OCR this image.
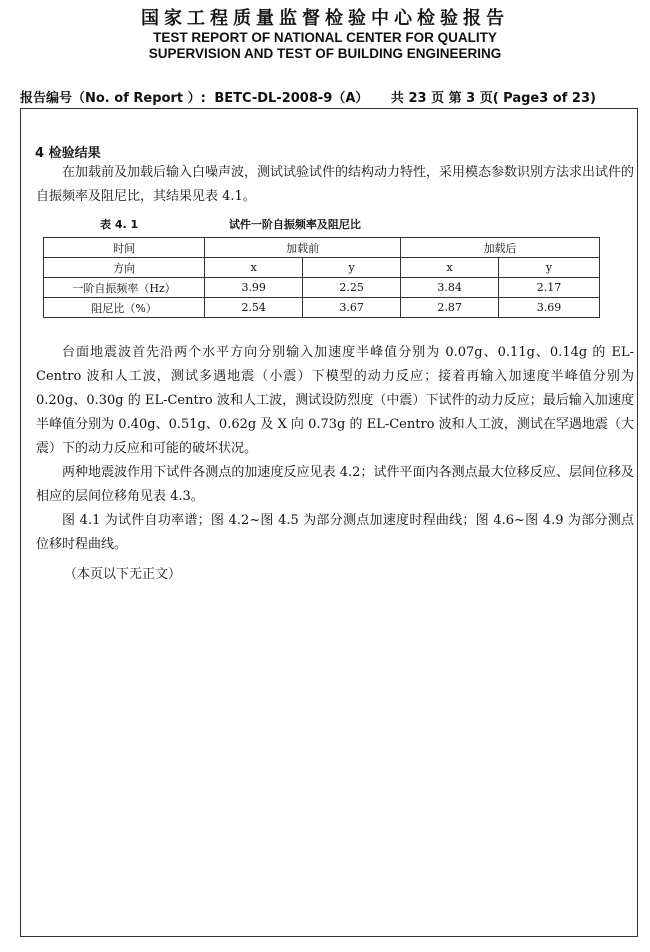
国家工程质量监督检验中心检验报告
TEST REPORT OF NATIONAL CENTER FOR QUALITY
SUPERVISION AND TEST OF BUILDING ENGINEERING
报告编号（No. of Report ）: BETC-DL-2008-9（A） 共 23 页 第 3 页( Page3 of 23)
4 检验结果
在加载前及加载后输入白噪声波，测试试验试件的结构动力特性，采用模态参数识别方法求出试件的自振频率及阻尼比，其结果见表 4.1。
表 4. 1	试件一阶自振频率及阻尼比
时间	加载前		加载后	
方向	x	y	x	y
一阶自振频率（Hz）	3.99	2.25	3.84	2.17
阻尼比（%）	2.54	3.67	2.87	3.69
台面地震波首先沿两个水平方向分别输入加速度半峰值分别为 0.07g、0.11g、0.14g 的 EL-Centro 波和人工波，测试多遇地震（小震）下模型的动力反应；接着再输入加速度半峰值分别为 0.20g、0.30g 的 EL-Centro 波和人工波，测试设防烈度（中震）下试件的动力反应；最后输入加速度半峰值分别为 0.40g、0.51g、0.62g 及 X 向 0.73g 的 EL-Centro 波和人工波，测试在罕遇地震（大震）下的动力反应和可能的破坏状况。
两种地震波作用下试件各测点的加速度反应见表 4.2；试件平面内各测点最大位移反应、层间位移及相应的层间位移角见表 4.3。
图 4.1 为试件自功率谱；图 4.2~图 4.5 为部分测点加速度时程曲线；图 4.6~图 4.9 为部分测点位移时程曲线。
（本页以下无正文）
